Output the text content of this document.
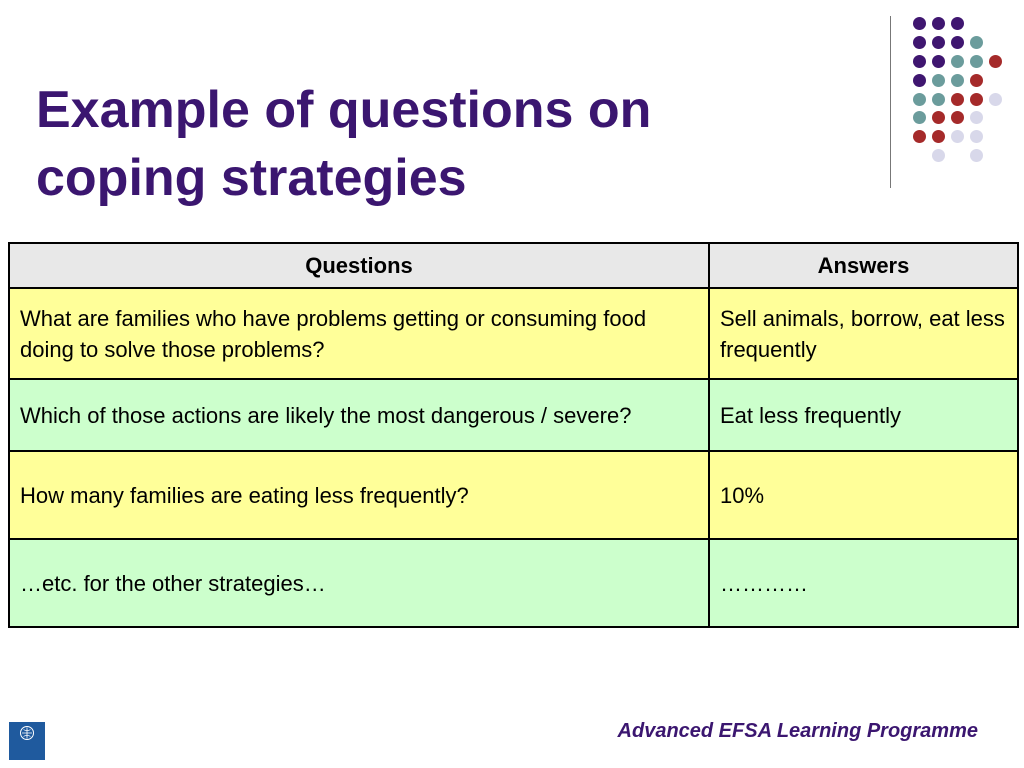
Example of questions on
coping strategies
Questions	Answers
What are families who have problems getting or consuming food doing to solve those problems?	Sell animals, borrow, eat less frequently
Which of those actions are likely the most dangerous / severe?	Eat less frequently
How many families are eating less frequently?	10%
…etc. for the other strategies…	…………
Advanced EFSA Learning Programme
